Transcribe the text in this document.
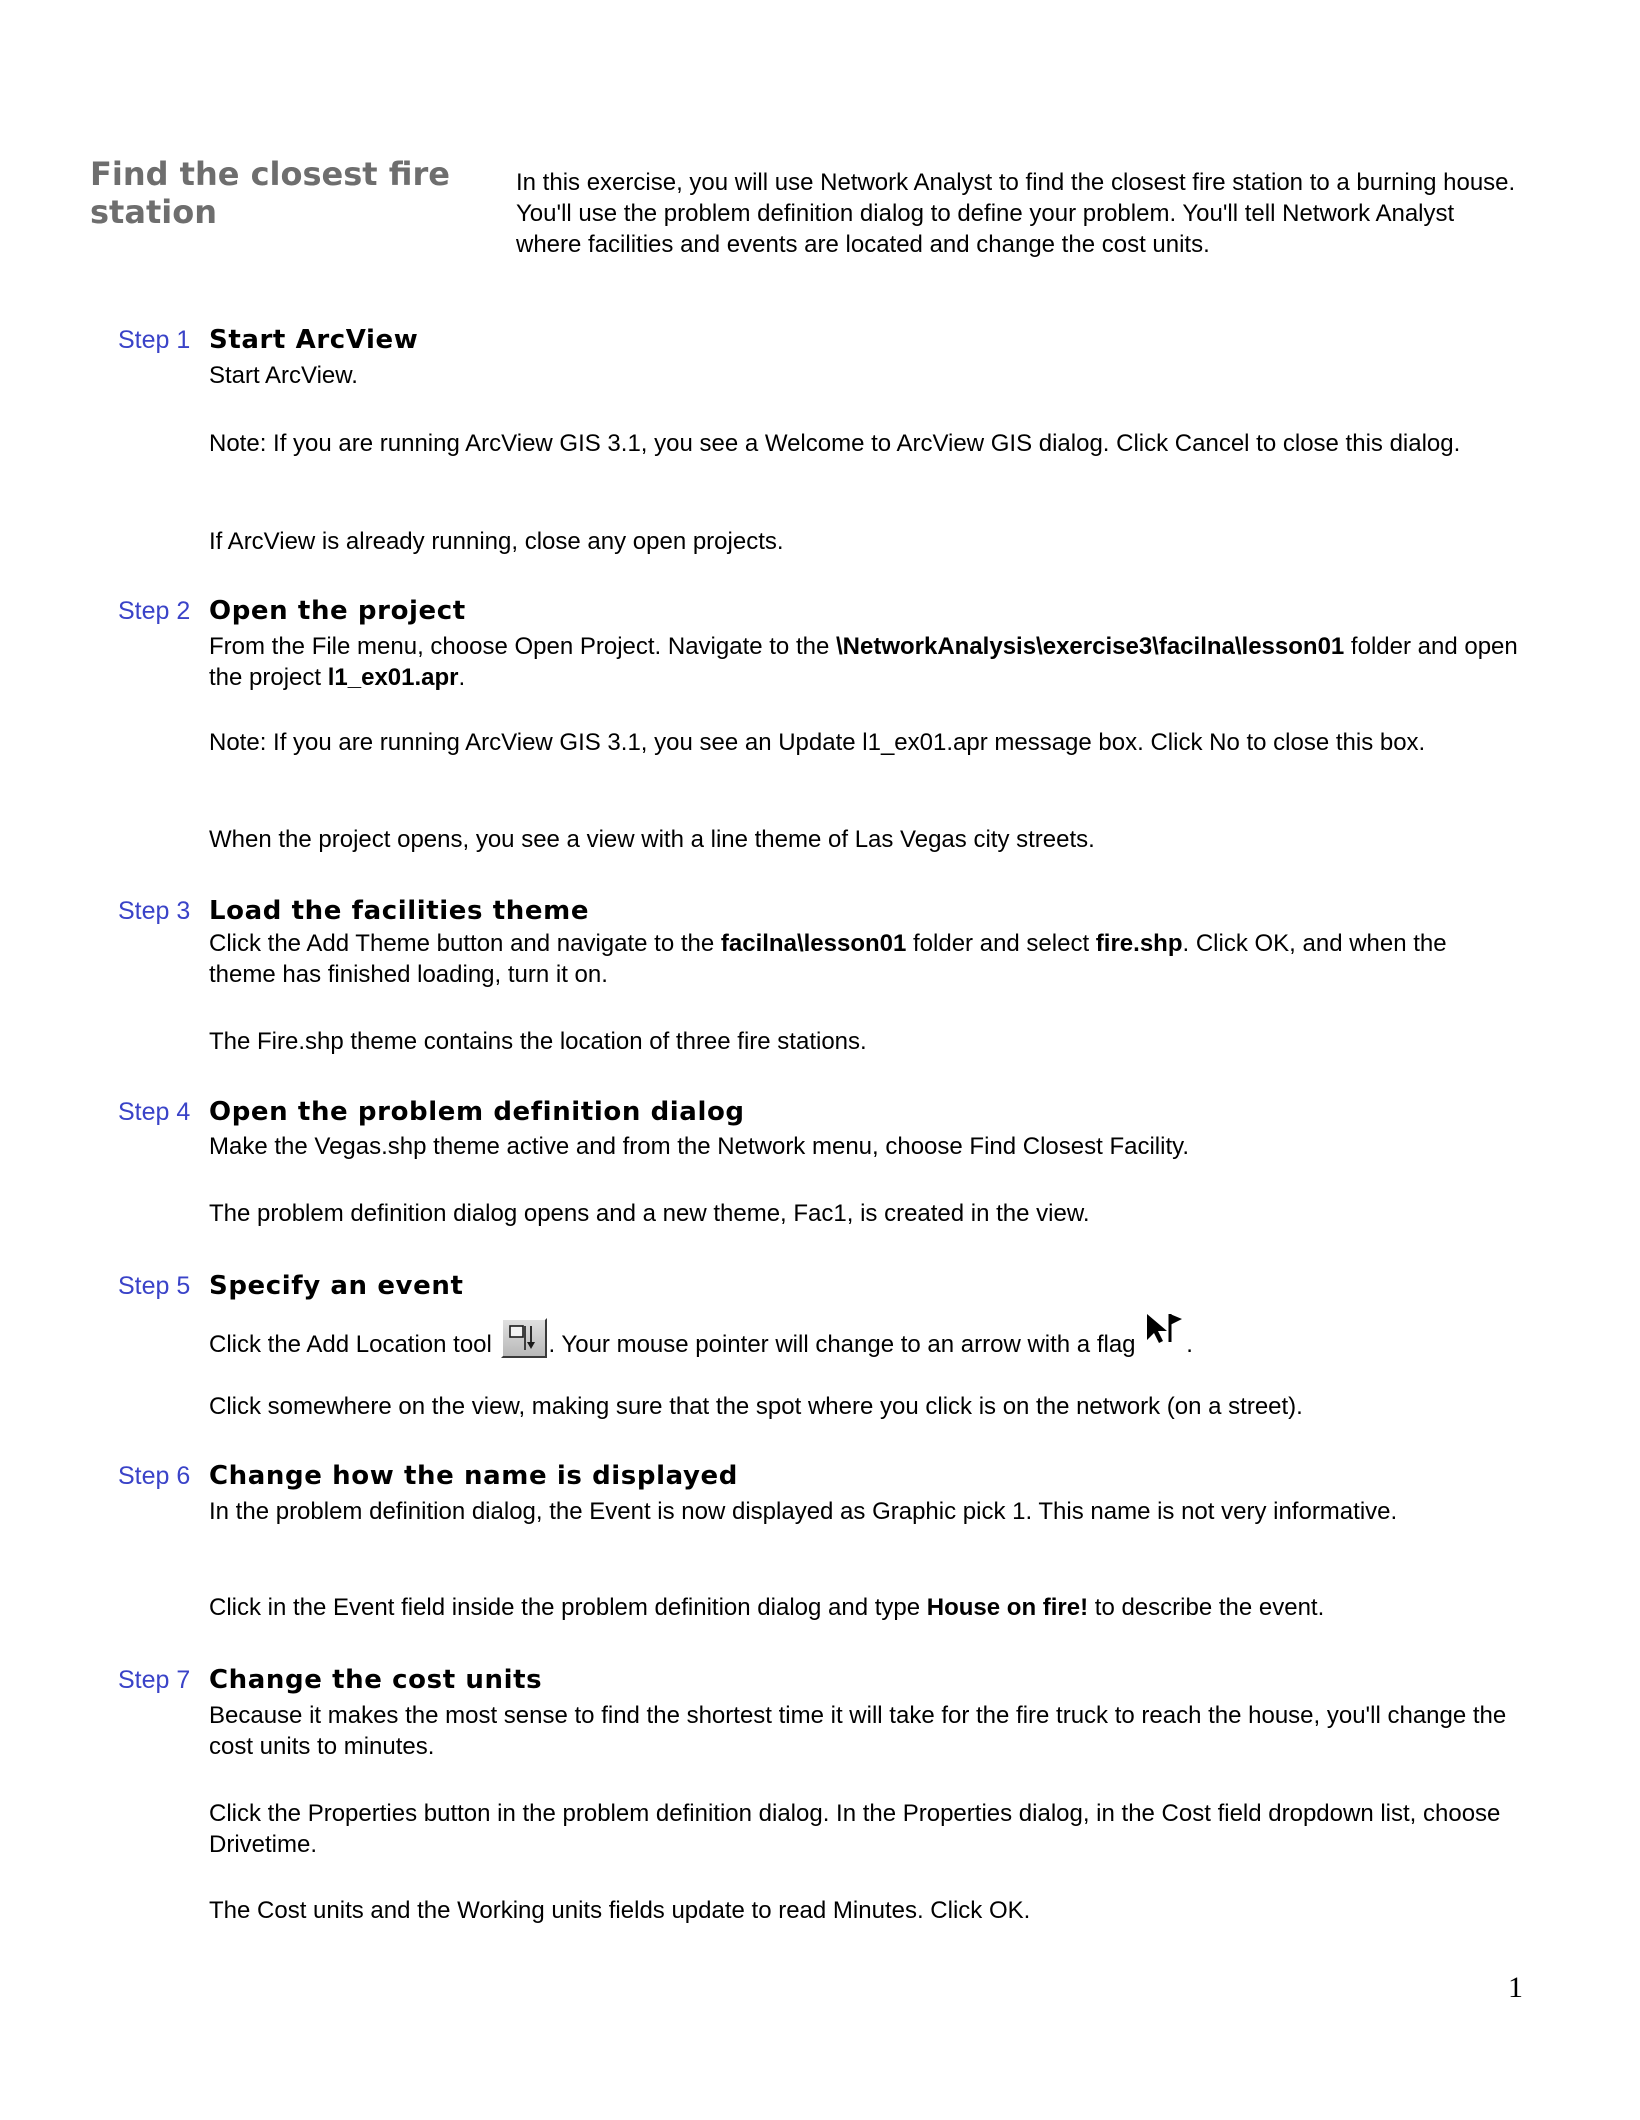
Find the closest fire station
In this exercise, you will use Network Analyst to find the closest fire station to a burning house. You'll use the problem definition dialog to define your problem. You'll tell Network Analyst where facilities and events are located and change the cost units.
Step 1 Start ArcView
Start ArcView.
Note: If you are running ArcView GIS 3.1, you see a Welcome to ArcView GIS dialog. Click Cancel to close this dialog.
If ArcView is already running, close any open projects.
Step 2 Open the project
From the File menu, choose Open Project. Navigate to the \NetworkAnalysis\exercise3\facilna\lesson01 folder and open the project l1_ex01.apr.
Note: If you are running ArcView GIS 3.1, you see an Update l1_ex01.apr message box. Click No to close this box.
When the project opens, you see a view with a line theme of Las Vegas city streets.
Step 3 Load the facilities theme
Click the Add Theme button and navigate to the facilna\lesson01 folder and select fire.shp. Click OK, and when the theme has finished loading, turn it on.
The Fire.shp theme contains the location of three fire stations.
Step 4 Open the problem definition dialog
Make the Vegas.shp theme active and from the Network menu, choose Find Closest Facility.
The problem definition dialog opens and a new theme, Fac1, is created in the view.
Step 5 Specify an event
Click the Add Location tool
. Your mouse pointer will change to an arrow with a flag .
Click somewhere on the view, making sure that the spot where you click is on the network (on a street).
Step 6 Change how the name is displayed
In the problem definition dialog, the Event is now displayed as Graphic pick 1. This name is not very informative.
Click in the Event field inside the problem definition dialog and type House on fire! to describe the event.
Step 7 Change the cost units
Because it makes the most sense to find the shortest time it will take for the fire truck to reach the house, you'll change the cost units to minutes.
Click the Properties button in the problem definition dialog. In the Properties dialog, in the Cost field dropdown list, choose Drivetime.
The Cost units and the Working units fields update to read Minutes. Click OK.
1
